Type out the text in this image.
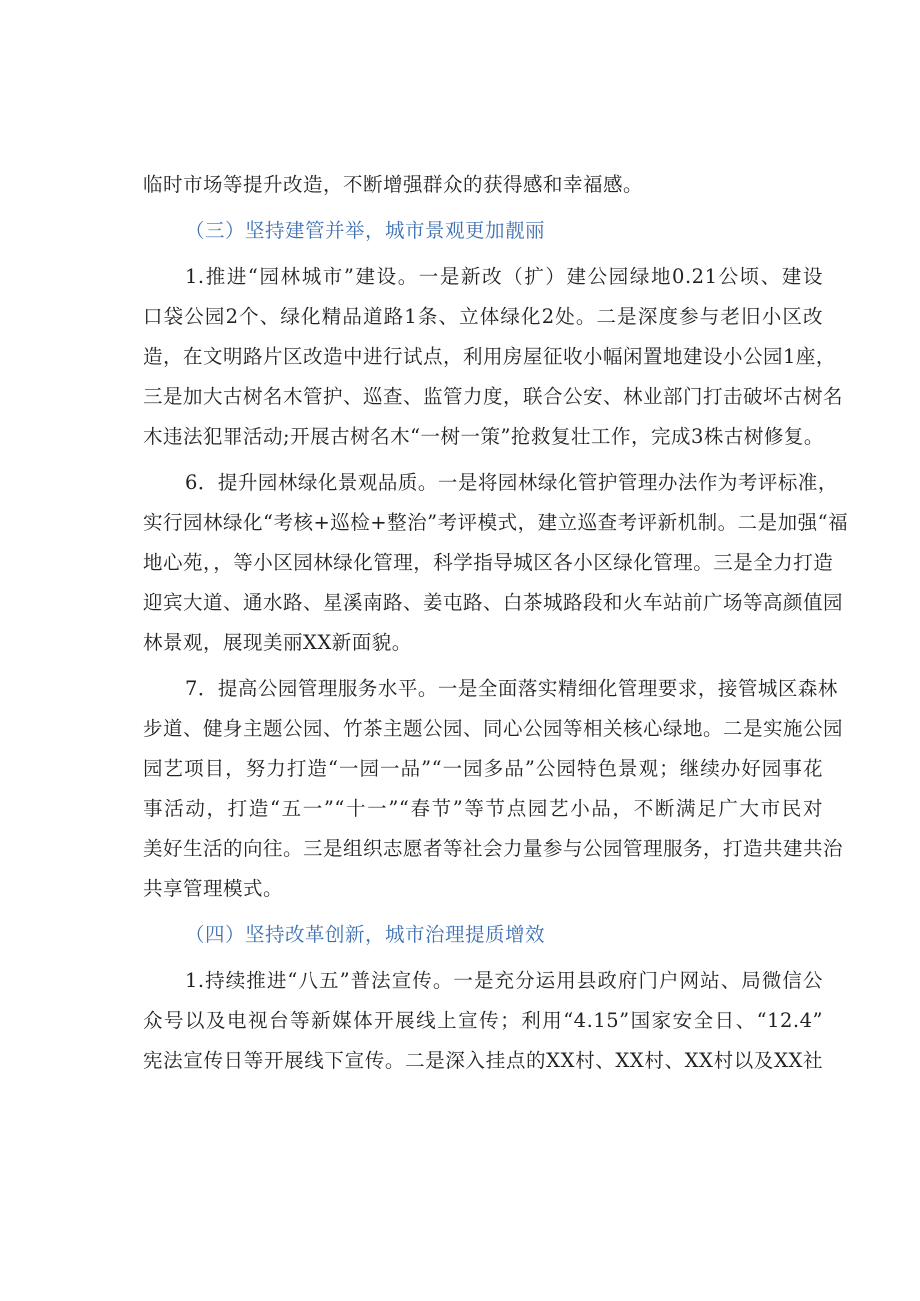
临时市场等提升改造，不断增强群众的获得感和幸福感。
（三）坚持建管并举，城市景观更加靓丽
1.推进“园林城市”建设。一是新改（扩）建公园绿地0.21公顷、建设
口袋公园2个、绿化精品道路1条、立体绿化2处。二是深度参与老旧小区改
造，在文明路片区改造中进行试点，利用房屋征收小幅闲置地建设小公园1座，
三是加大古树名木管护、巡查、监管力度，联合公安、林业部门打击破坏古树名
木违法犯罪活动;开展古树名木“一树一策”抢救复壮工作，完成3株古树修复。
6．提升园林绿化景观品质。一是将园林绿化管护管理办法作为考评标准，
实行园林绿化“考核+巡检+整治”考评模式，建立巡查考评新机制。二是加强“福
地心苑，，等小区园林绿化管理，科学指导城区各小区绿化管理。三是全力打造
迎宾大道、通水路、星溪南路、姜屯路、白茶城路段和火车站前广场等高颜值园
林景观，展现美丽XX新面貌。
7．提高公园管理服务水平。一是全面落实精细化管理要求，接管城区森林
步道、健身主题公园、竹茶主题公园、同心公园等相关核心绿地。二是实施公园
园艺项目，努力打造“一园一品”“一园多品”公园特色景观；继续办好园事花
事活动，打造“五一”“十一”“春节”等节点园艺小品，不断满足广大市民对
美好生活的向往。三是组织志愿者等社会力量参与公园管理服务，打造共建共治
共享管理模式。
（四）坚持改革创新，城市治理提质增效
1.持续推进“八五”普法宣传。一是充分运用县政府门户网站、局微信公
众号以及电视台等新媒体开展线上宣传；利用“4.15”国家安全日、“12.4”
宪法宣传日等开展线下宣传。二是深入挂点的XX村、XX村、XX村以及XX社
